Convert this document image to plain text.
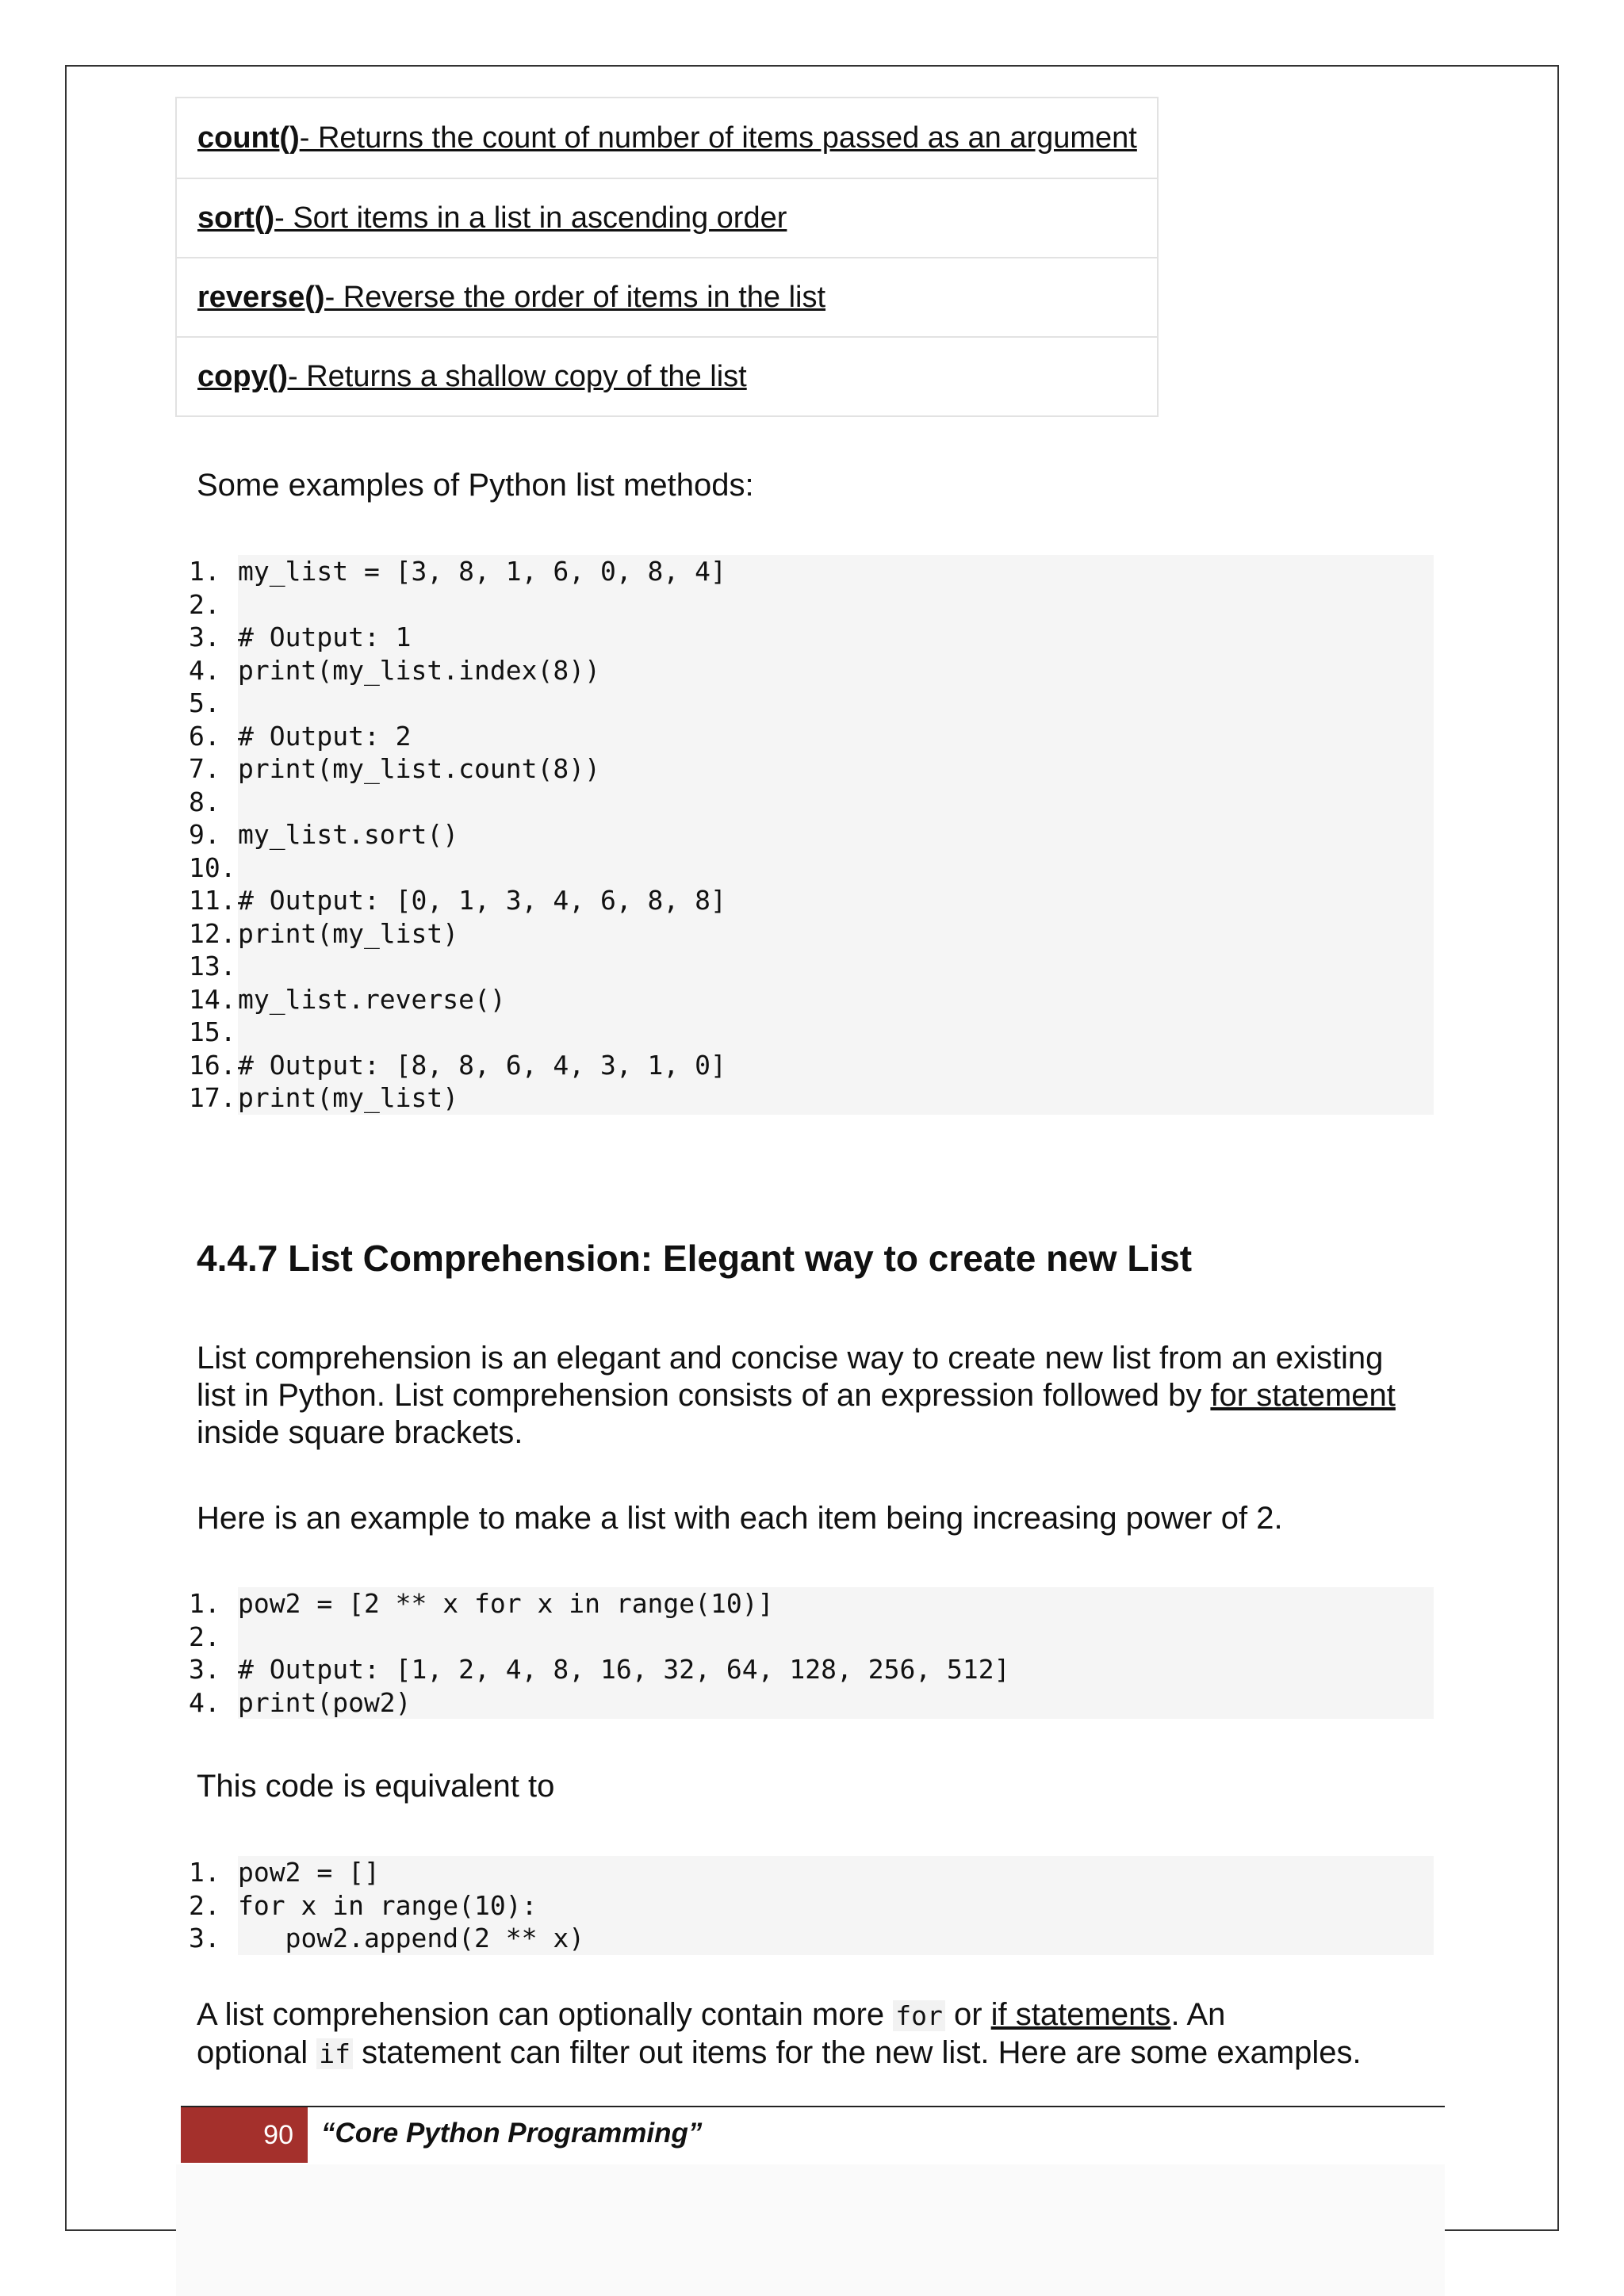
count() - Returns the count of number of items passed as an argument
sort() - Sort items in a list in ascending order
reverse() - Reverse the order of items in the list
copy() - Returns a shallow copy of the list

Some examples of Python list methods:

1. my_list = [3, 8, 1, 6, 0, 8, 4]
2.
3. # Output: 1
4. print(my_list.index(8))
5.
6. # Output: 2
7. print(my_list.count(8))
8.
9. my_list.sort()
10.
11. # Output: [0, 1, 3, 4, 6, 8, 8]
12. print(my_list)
13.
14. my_list.reverse()
15.
16. # Output: [8, 8, 6, 4, 3, 1, 0]
17. print(my_list)
4.4.7 List Comprehension: Elegant way to create new List

List comprehension is an elegant and concise way to create new list from an existing
list in Python. List comprehension consists of an expression followed by for statement inside square brackets.

Here is an example to make a list with each item being increasing power of 2.

1. pow2 = [2 ** x for x in range(10)]
2.
3. # Output: [1, 2, 4, 8, 16, 32, 64, 128, 256, 512]
4. print(pow2)

This code is equivalent to

1. pow2 = []
2. for x in range(10):
3. pow2.append(2 ** x)

A list comprehension can optionally contain more for or if statements. An
optional if statement can filter out items for the new list. Here are some examples.

90	“Core Python Programming”
